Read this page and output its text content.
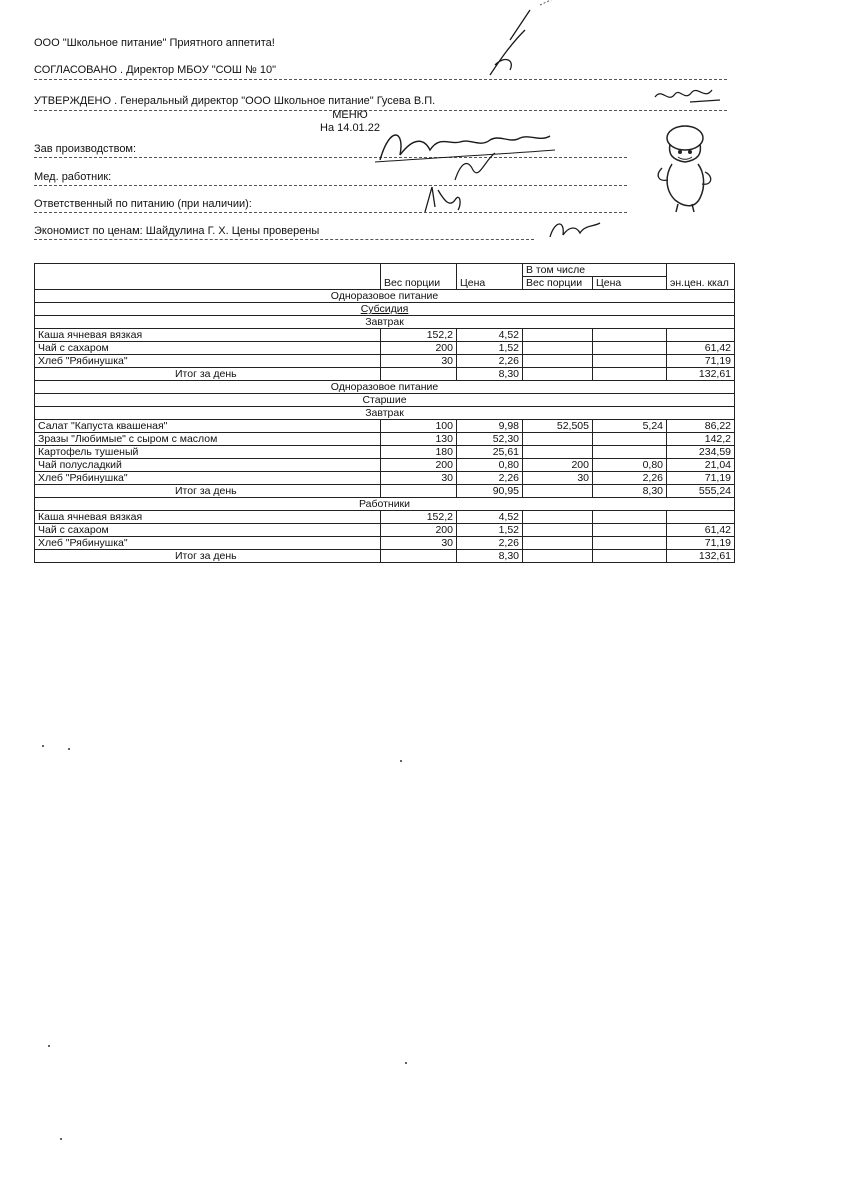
ООО "Школьное питание" Приятного аппетита!
СОГЛАСОВАНО . Директор МБОУ "СОШ № 10"
УТВЕРЖДЕНО . Генеральный директор "ООО Школьное питание" Гусева В.П.
МЕНЮ
На 14.01.22
Зав производством:
Мед. работник:
Ответственный по питанию (при наличии):
Экономист по ценам: Шайдулина Г. Х. Цены проверены
	Вес порции	Цена	В том числе		эн.цен. ккал
			Вес порции	Цена	
Одноразовое питание					
Субсидия					
Завтрак					
Каша ячневая вязкая	152,2	4,52			
Чай с сахаром	200	1,52			61,42
Хлеб "Рябинушка"	30	2,26			71,19
Итог за день		8,30			132,61
Одноразовое питание					
Старшие					
Завтрак					
Салат "Капуста квашеная"	100	9,98	52,505	5,24	86,22
Зразы "Любимые" с сыром с маслом	130	52,30			142,2
Картофель тушеный	180	25,61			234,59
Чай полусладкий	200	0,80	200	0,80	21,04
Хлеб "Рябинушка"	30	2,26	30	2,26	71,19
Итог за день		90,95		8,30	555,24
Работники					
Каша ячневая вязкая	152,2	4,52			
Чай с сахаром	200	1,52			61,42
Хлеб "Рябинушка"	30	2,26			71,19
Итог за день		8,30			132,61
